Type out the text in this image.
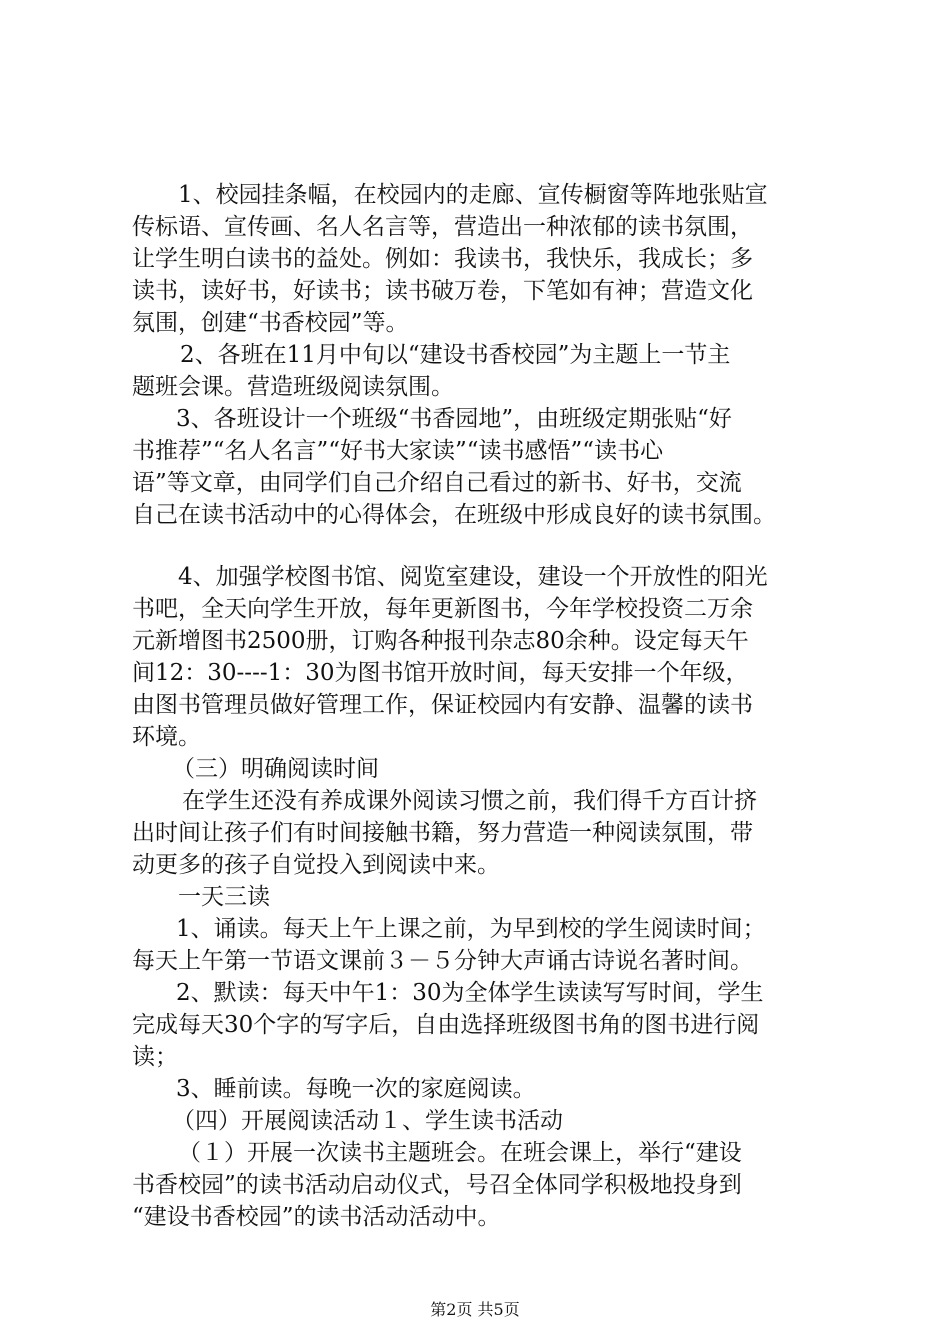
1、校园挂条幅，在校园内的走廊、宣传橱窗等阵地张贴宣
传标语、宣传画、名人名言等，营造出一种浓郁的读书氛围，
让学生明白读书的益处。例如：我读书，我快乐，我成长；多
读书，读好书，好读书；读书破万卷，下笔如有神；营造文化
氛围，创建“书香校园”等。
2、各班在11月中旬以“建设书香校园”为主题上一节主
题班会课。营造班级阅读氛围。
3、各班设计一个班级“书香园地”，由班级定期张贴“好
书推荐”“名人名言”“好书大家读”“读书感悟”“读书心
语”等文章，由同学们自己介绍自己看过的新书、好书，交流
自己在读书活动中的心得体会，在班级中形成良好的读书氛围。
4、加强学校图书馆、阅览室建设，建设一个开放性的阳光
书吧，全天向学生开放，每年更新图书，今年学校投资二万余
元新增图书2500册，订购各种报刊杂志80余种。设定每天午
间12：30----1：30为图书馆开放时间，每天安排一个年级，
由图书管理员做好管理工作，保证校园内有安静、温馨的读书
环境。
（三）明确阅读时间
在学生还没有养成课外阅读习惯之前，我们得千方百计挤
出时间让孩子们有时间接触书籍，努力营造一种阅读氛围，带
动更多的孩子自觉投入到阅读中来。
一天三读
1、诵读。每天上午上课之前，为早到校的学生阅读时间；
每天上午第一节语文课前３－５分钟大声诵古诗说名著时间。
2、默读：每天中午1：30为全体学生读读写写时间，学生
完成每天30个字的写字后，自由选择班级图书角的图书进行阅
读；
3、睡前读。每晚一次的家庭阅读。
（四）开展阅读活动１、学生读书活动
（１）开展一次读书主题班会。在班会课上，举行“建设
书香校园”的读书活动启动仪式，号召全体同学积极地投身到
“建设书香校园”的读书活动活动中。
第2页 共5页
